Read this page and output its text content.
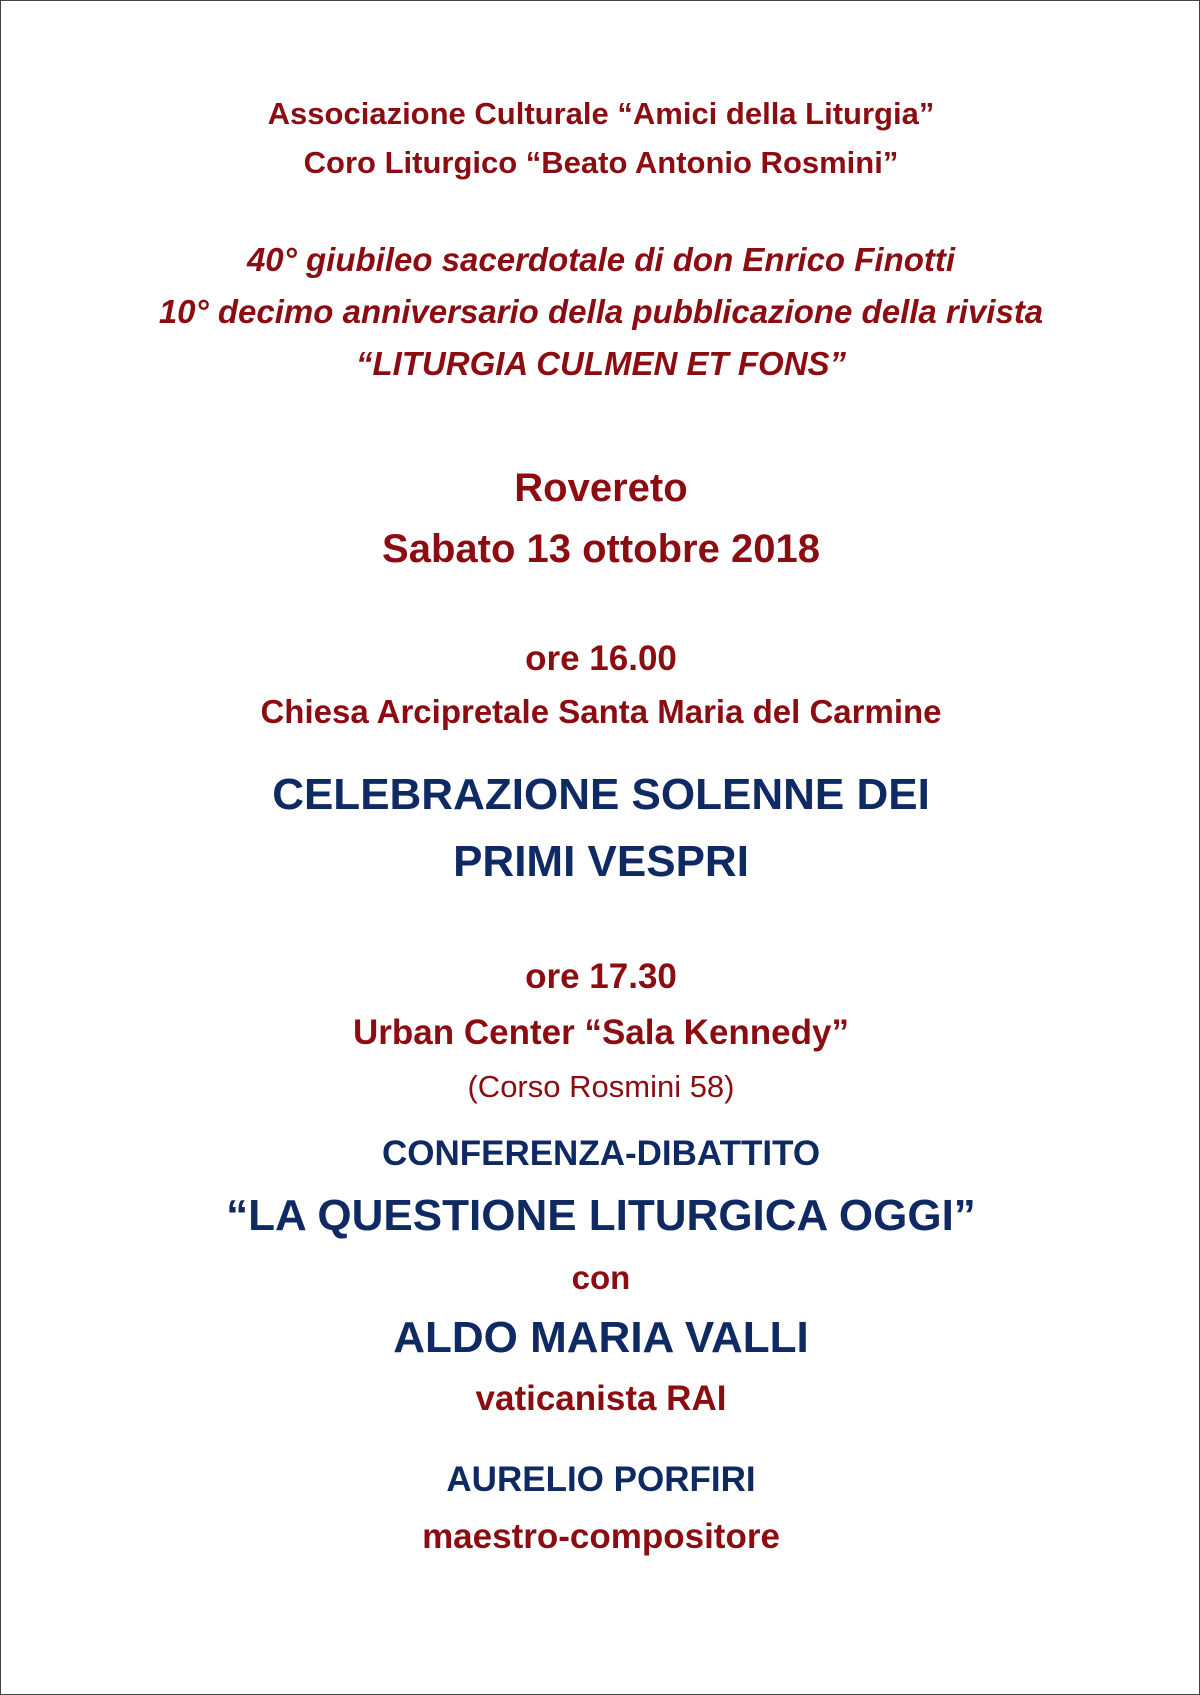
Associazione Culturale “Amici della Liturgia”
Coro Liturgico “Beato Antonio Rosmini”
40° giubileo sacerdotale di don Enrico Finotti
10° decimo anniversario della pubblicazione della rivista
“LITURGIA CULMEN ET FONS”
Rovereto
Sabato 13 ottobre 2018
ore 16.00
Chiesa Arcipretale Santa Maria del Carmine
CELEBRAZIONE SOLENNE DEI
PRIMI VESPRI
ore 17.30
Urban Center “Sala Kennedy”
(Corso Rosmini 58)
CONFERENZA-DIBATTITO
“LA QUESTIONE LITURGICA OGGI”
con
ALDO MARIA VALLI
vaticanista RAI
AURELIO PORFIRI
maestro-compositore
